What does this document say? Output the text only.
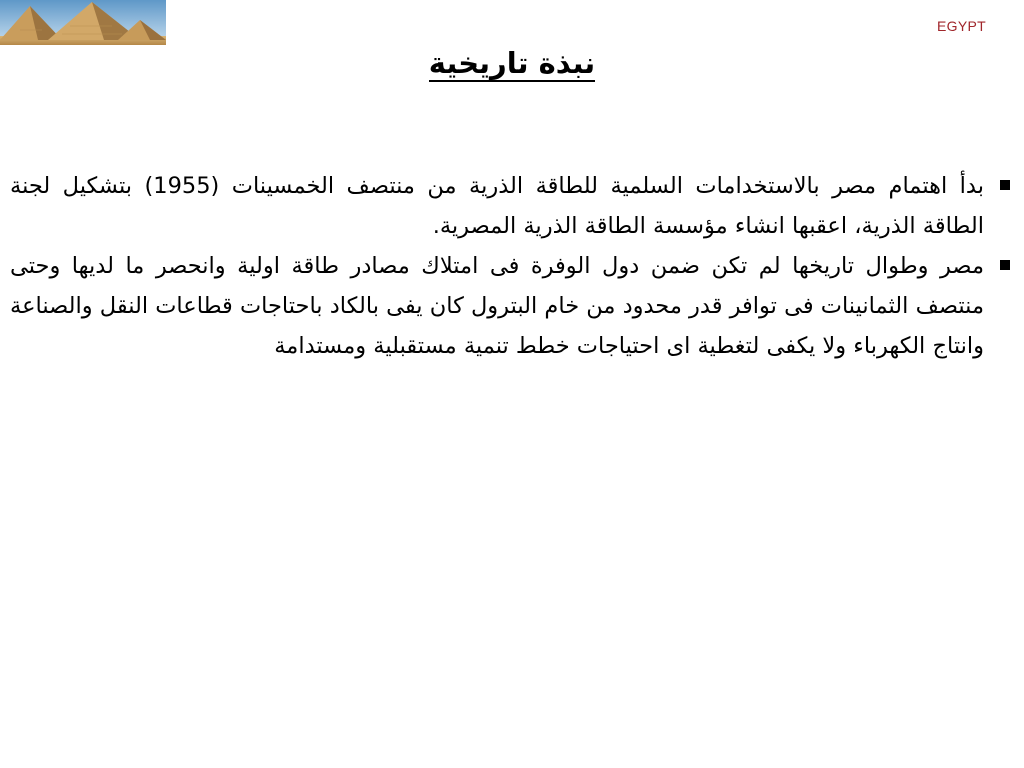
EGYPT
نبذة تاريخية
بدأ اهتمام مصر بالاستخدامات السلمية للطاقة الذرية من منتصف الخمسينات (1955) بتشكيل لجنة الطاقة الذرية، اعقبها انشاء مؤسسة الطاقة الذرية المصرية.
مصر وطوال تاريخها لم تكن ضمن دول الوفرة فى امتلاك مصادر طاقة اولية وانحصر ما لديها وحتى منتصف الثمانينات فى توافر قدر محدود من خام البترول كان يفى بالكاد باحتاجات قطاعات النقل والصناعة وانتاج الكهرباء ولا يكفى لتغطية اى احتياجات خطط تنمية مستقبلية ومستدامة
